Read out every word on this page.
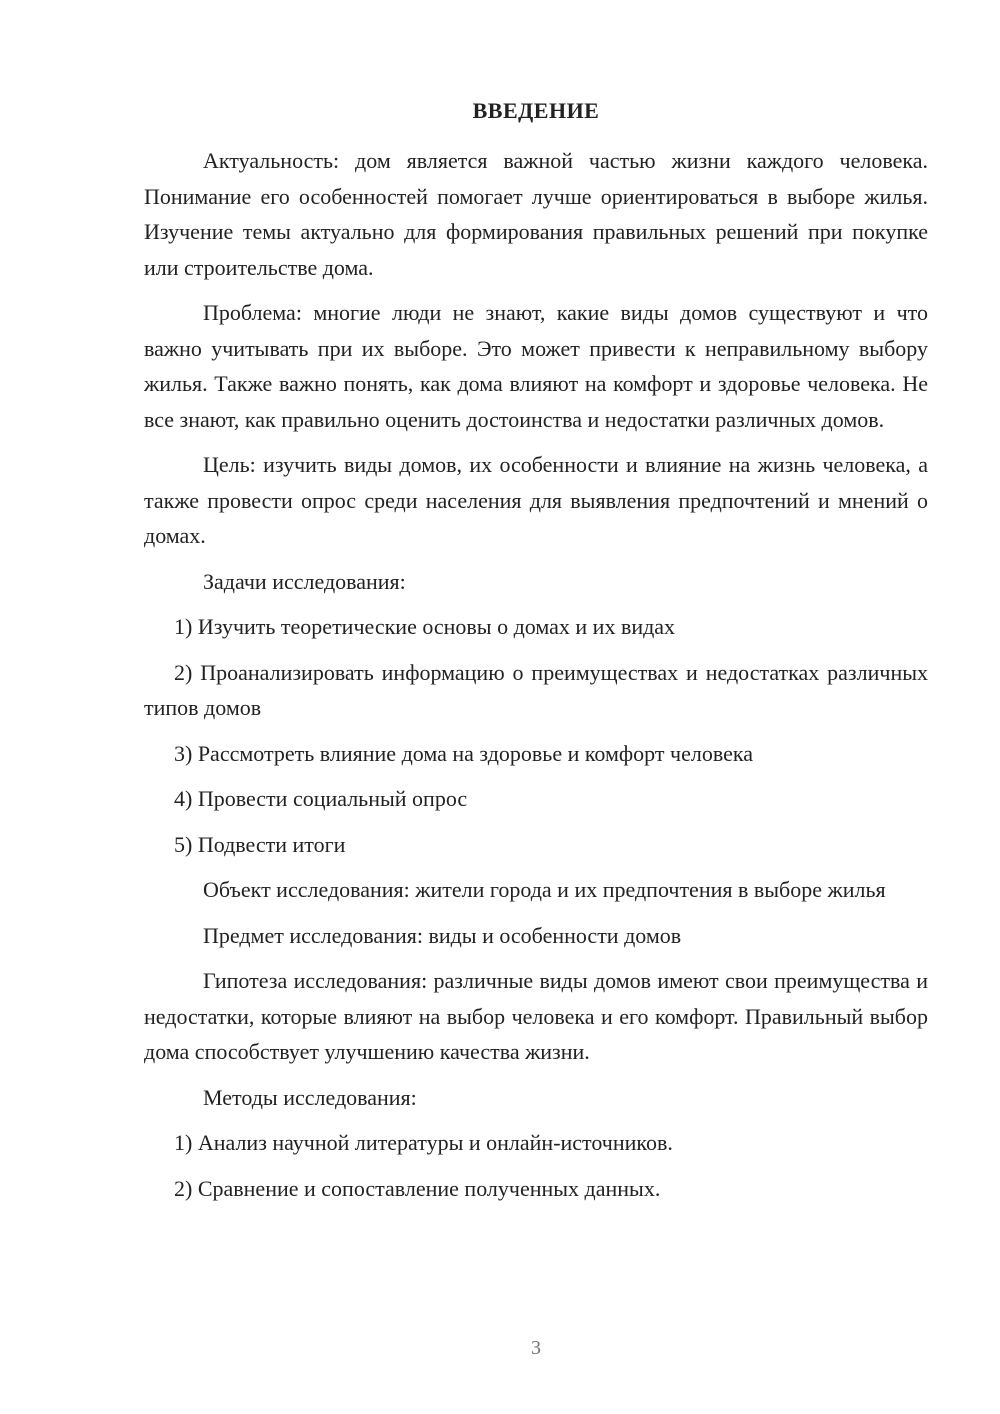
ВВЕДЕНИЕ

Актуальность: дом является важной частью жизни каждого человека. Понимание его особенностей помогает лучше ориентироваться в выборе жилья. Изучение темы актуально для формирования правильных решений при покупке или строительстве дома.

Проблема: многие люди не знают, какие виды домов существуют и что важно учитывать при их выборе. Это может привести к неправильному выбору жилья. Также важно понять, как дома влияют на комфорт и здоровье человека. Не все знают, как правильно оценить достоинства и недостатки различных домов.

Цель: изучить виды домов, их особенности и влияние на жизнь человека, а также провести опрос среди населения для выявления предпочтений и мнений о домах.

Задачи исследования:

1) Изучить теоретические основы о домах и их видах

2) Проанализировать информацию о преимуществах и недостатках различных типов домов

3) Рассмотреть влияние дома на здоровье и комфорт человека

4) Провести социальный опрос

5) Подвести итоги

Объект исследования: жители города и их предпочтения в выборе жилья

Предмет исследования: виды и особенности домов

Гипотеза исследования: различные виды домов имеют свои преимущества и недостатки, которые влияют на выбор человека и его комфорт. Правильный выбор дома способствует улучшению качества жизни.

Методы исследования:

1) Анализ научной литературы и онлайн-источников.

2) Сравнение и сопоставление полученных данных.

3
